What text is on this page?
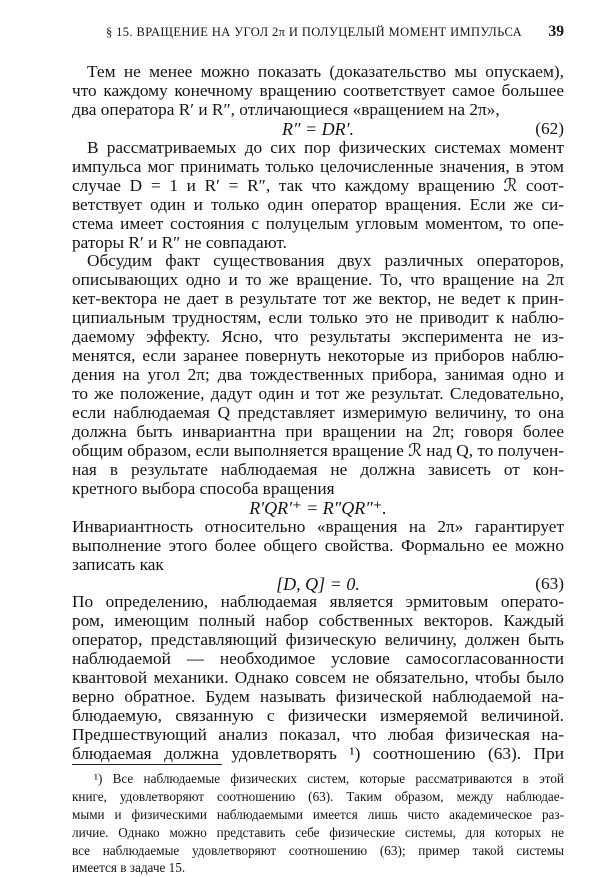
§ 15. ВРАЩЕНИЕ НА УГОЛ 2π И ПОЛУЦЕЛЫЙ МОМЕНТ ИМПУЛЬСА 39
Тем не менее можно показать (доказательство мы опускаем),
что каждому конечному вращению соответствует самое большее
два оператора R′ и R″, отличающиеся «вращением на 2π»,
R″ = DR′.	(62)
В рассматриваемых до сих пор физических системах момент
импульса мог принимать только целочисленные значения, в этом
случае D = 1 и R′ = R″, так что каждому вращению ℛ соот-
ветствует один и только один оператор вращения. Если же си-
стема имеет состояния с полуцелым угловым моментом, то опе-
раторы R′ и R″ не совпадают.
Обсудим факт существования двух различных операторов,
описывающих одно и то же вращение. То, что вращение на 2π
кет-вектора не дает в результате тот же вектор, не ведет к прин-
ципиальным трудностям, если только это не приводит к наблю-
даемому эффекту. Ясно, что результаты эксперимента не из-
менятся, если заранее повернуть некоторые из приборов наблю-
дения на угол 2π; два тождественных прибора, занимая одно и
то же положение, дадут один и тот же результат. Следовательно,
если наблюдаемая Q представляет измеримую величину, то она
должна быть инвариантна при вращении на 2π; говоря более
общим образом, если выполняется вращение ℛ над Q, то получен-
ная в результате наблюдаемая не должна зависеть от кон-
кретного выбора способа вращения
R′QR′⁺ = R″QR″⁺.
Инвариантность относительно «вращения на 2π» гарантирует
выполнение этого более общего свойства. Формально ее можно
записать как
[D, Q] = 0.	(63)
По определению, наблюдаемая является эрмитовым операто-
ром, имеющим полный набор собственных векторов. Каждый
оператор, представляющий физическую величину, должен быть
наблюдаемой — необходимое условие самосогласованности
квантовой механики. Однако совсем не обязательно, чтобы было
верно обратное. Будем называть физической наблюдаемой на-
блюдаемую, связанную с физически измеряемой величиной.
Предшествующий анализ показал, что любая физическая на-
блюдаемая должна удовлетворять ¹) соотношению (63). При
¹) Все наблюдаемые физических систем, которые рассматриваются в этой
книге, удовлетворяют соотношению (63). Таким образом, между наблюдае-
мыми и физическими наблюдаемыми имеется лишь чисто академическое раз-
личие. Однако можно представить себе физические системы, для которых не
все наблюдаемые удовлетворяют соотношению (63); пример такой системы
имеется в задаче 15.
